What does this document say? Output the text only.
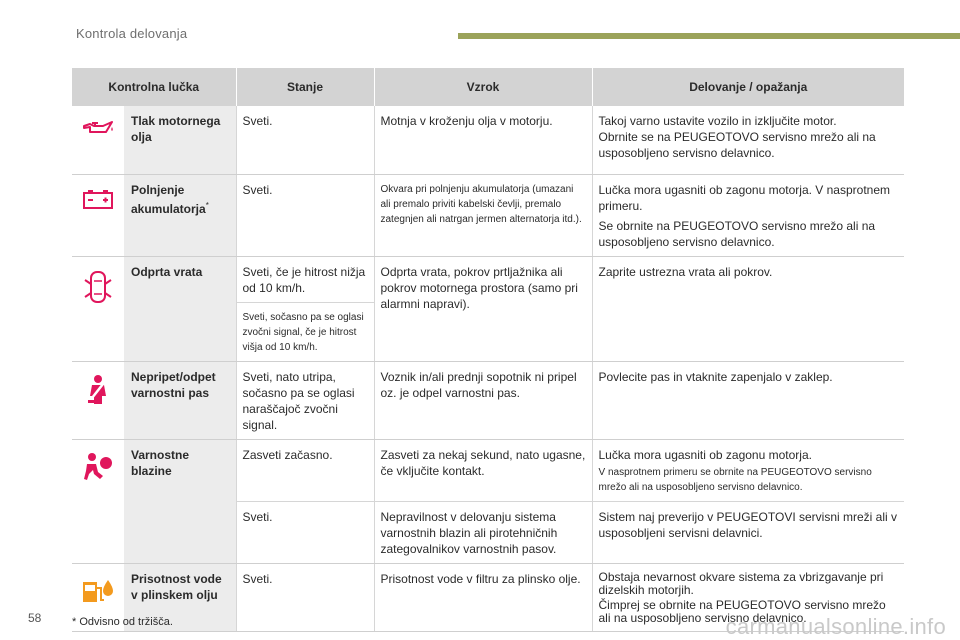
Kontrola delovanja
Kontrolna lučka		Stanje	Vzrok	Delovanje / opažanja
	Tlak motornega olja	Sveti.	Motnja v kroženju olja v motorju.	Takoj varno ustavite vozilo in izključite motor.
Obrnite se na PEUGEOTOVO servisno mrežo ali na usposobljeno servisno delavnico.

	Polnjenje akumulatorja*	Sveti.	Okvara pri polnjenju akumulatorja (umazani ali premalo priviti kabelski čevlji, premalo zategnjen ali natrgan jermen alternatorja itd.).	Lučka mora ugasniti ob zagonu motorja. V nasprotnem primeru.
Se obrnite na PEUGEOTOVO servisno mrežo ali na usposobljeno servisno delavnico.

	Odprta vrata	Sveti, če je hitrost nižja od 10 km/h.	Odprta vrata, pokrov prtljažnika ali pokrov motornega prostora (samo pri alarmni napravi).	Zaprite ustrezna vrata ali pokrov.
		Sveti, sočasno pa se oglasi zvočni signal, če je hitrost višja od 10 km/h.		
	Nepripet/odpet varnostni pas	Sveti, nato utripa, sočasno pa se oglasi naraščajoč zvočni signal.	Voznik in/ali prednji sopotnik ni pripel oz. je odpel varnostni pas.	Povlecite pas in vtaknite zapenjalo v zaklep.
	Varnostne blazine	Zasveti začasno.	Zasveti za nekaj sekund, nato ugasne, če vključite kontakt.	Lučka mora ugasniti ob zagonu motorja.
V nasprotnem primeru se obrnite na PEUGEOTOVO servisno mrežo ali na usposobljeno servisno delavnico.

		Sveti.	Nepravilnost v delovanju sistema varnostnih blazin ali pirotehničnih zategovalnikov varnostnih pasov.	Sistem naj preverijo v PEUGEOTOVI servisni mreži ali v usposobljeni servisni delavnici.
	Prisotnost vode v plinskem olju	Sveti.	Prisotnost vode v filtru za plinsko olje.	Obstaja nevarnost okvare sistema za vbrizgavanje pri dizelskih motorjih.
Čimprej se obrnite na PEUGEOTOVO servisno mrežo ali na usposobljeno servisno delavnico.
58	* Odvisno od tržišča.	carmanualsonline.info
